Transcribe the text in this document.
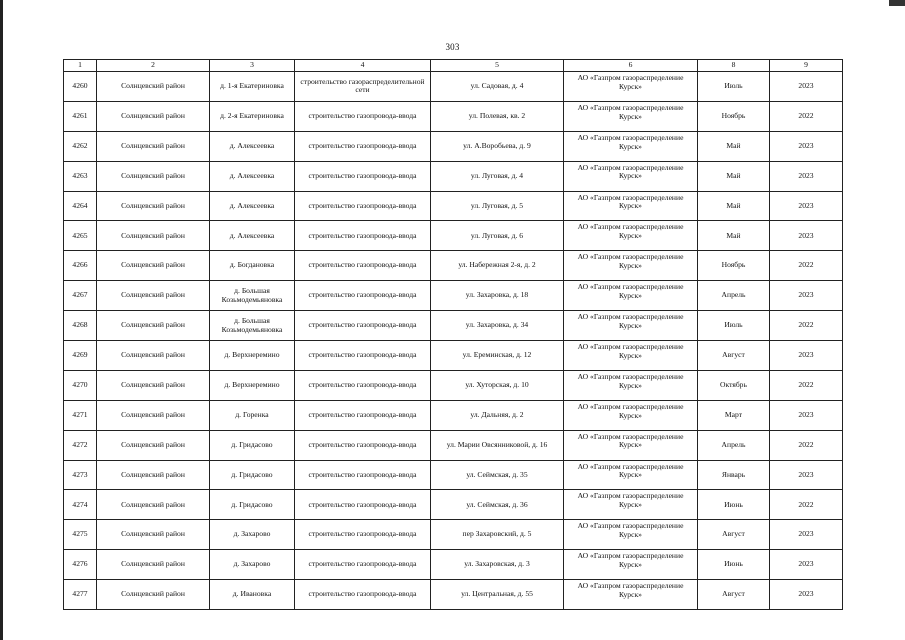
303
1	2	3	4	5	6	8	9
4260	Солнцевский район	д. 1-я Екатериновка	строительство газораспределительной сети	ул. Садовая, д. 4	АО «Газпром газораспределение Курск»	Июль	2023
4261	Солнцевский район	д. 2-я Екатериновка	строительство газопровода-ввода	ул. Полевая, кв. 2	АО «Газпром газораспределение Курск»	Ноябрь	2022
4262	Солнцевский район	д. Алексеевка	строительство газопровода-ввода	ул. А.Воробьева, д. 9	АО «Газпром газораспределение Курск»	Май	2023
4263	Солнцевский район	д. Алексеевка	строительство газопровода-ввода	ул. Луговая, д. 4	АО «Газпром газораспределение Курск»	Май	2023
4264	Солнцевский район	д. Алексеевка	строительство газопровода-ввода	ул. Луговая, д. 5	АО «Газпром газораспределение Курск»	Май	2023
4265	Солнцевский район	д. Алексеевка	строительство газопровода-ввода	ул. Луговая, д. 6	АО «Газпром газораспределение Курск»	Май	2023
4266	Солнцевский район	д. Богдановка	строительство газопровода-ввода	ул. Набережная 2-я, д. 2	АО «Газпром газораспределение Курск»	Ноябрь	2022
4267	Солнцевский район	д. Большая Козьмодемьяновка	строительство газопровода-ввода	ул. Захаровка, д. 18	АО «Газпром газораспределение Курск»	Апрель	2023
4268	Солнцевский район	д. Большая Козьмодемьяновка	строительство газопровода-ввода	ул. Захаровка, д. 34	АО «Газпром газораспределение Курск»	Июль	2022
4269	Солнцевский район	д. Верхнеремино	строительство газопровода-ввода	ул. Ереминская, д. 12	АО «Газпром газораспределение Курск»	Август	2023
4270	Солнцевский район	д. Верхнеремино	строительство газопровода-ввода	ул. Хуторская, д. 10	АО «Газпром газораспределение Курск»	Октябрь	2022
4271	Солнцевский район	д. Горенка	строительство газопровода-ввода	ул. Дальняя, д. 2	АО «Газпром газораспределение Курск»	Март	2023
4272	Солнцевский район	д. Гридасово	строительство газопровода-ввода	ул. Марии Овсянниковой, д. 16	АО «Газпром газораспределение Курск»	Апрель	2022
4273	Солнцевский район	д. Гридасово	строительство газопровода-ввода	ул. Сеймская, д. 35	АО «Газпром газораспределение Курск»	Январь	2023
4274	Солнцевский район	д. Гридасово	строительство газопровода-ввода	ул. Сеймская, д. 36	АО «Газпром газораспределение Курск»	Июнь	2022
4275	Солнцевский район	д. Захарово	строительство газопровода-ввода	пер Захаровский, д. 5	АО «Газпром газораспределение Курск»	Август	2023
4276	Солнцевский район	д. Захарово	строительство газопровода-ввода	ул. Захаровская, д. 3	АО «Газпром газораспределение Курск»	Июнь	2023
4277	Солнцевский район	д. Ивановка	строительство газопровода-ввода	ул. Центральная, д. 55	АО «Газпром газораспределение Курск»	Август	2023
